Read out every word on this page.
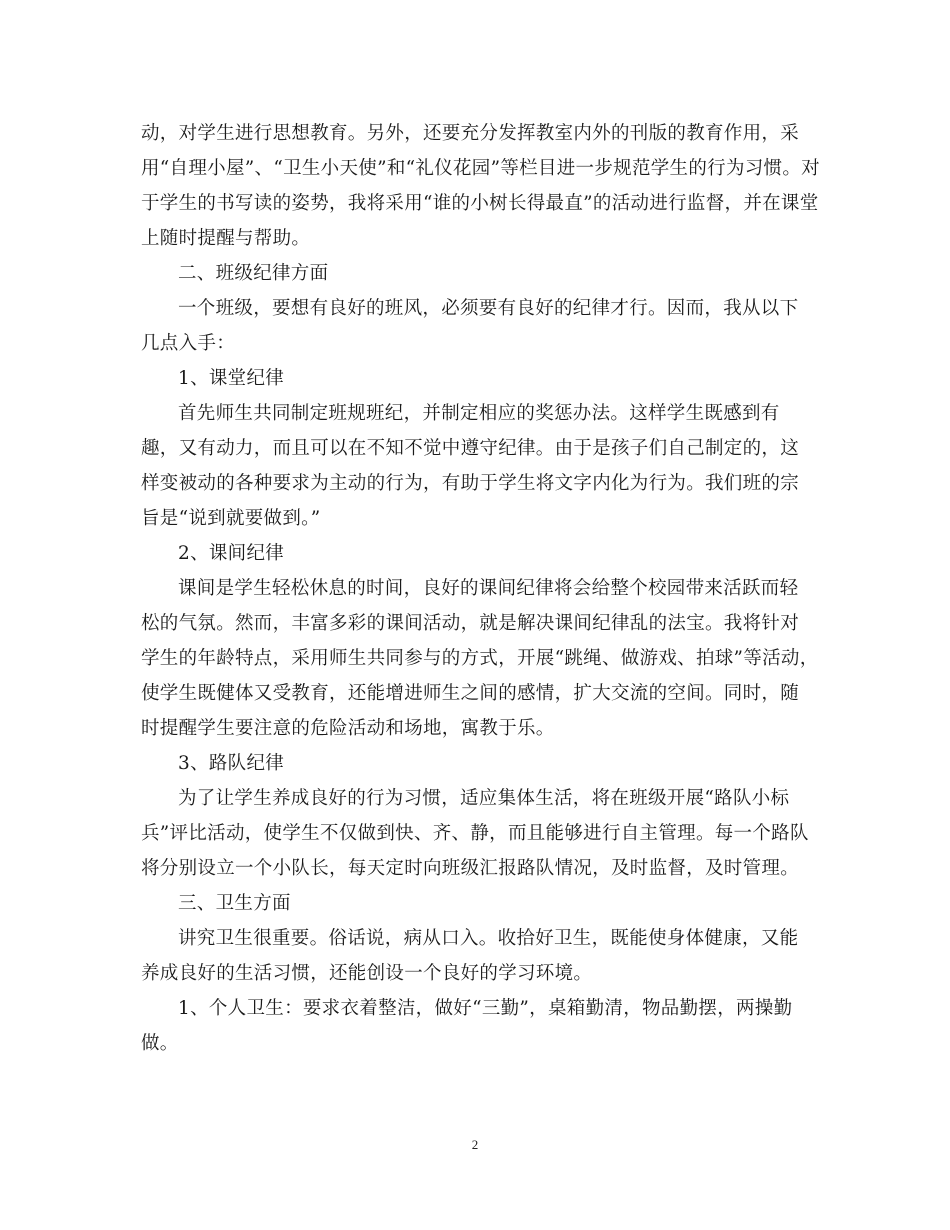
动，对学生进行思想教育。另外，还要充分发挥教室内外的刊版的教育作用，采
用“自理小屋”、“卫生小天使”和“礼仪花园”等栏目进一步规范学生的行为习惯。对
于学生的书写读的姿势，我将采用“谁的小树长得最直”的活动进行监督，并在课堂
上随时提醒与帮助。

二、班级纪律方面

一个班级，要想有良好的班风，必须要有良好的纪律才行。因而，我从以下
几点入手：

1、课堂纪律

首先师生共同制定班规班纪，并制定相应的奖惩办法。这样学生既感到有
趣，又有动力，而且可以在不知不觉中遵守纪律。由于是孩子们自己制定的，这
样变被动的各种要求为主动的行为，有助于学生将文字内化为行为。我们班的宗
旨是“说到就要做到。”

2、课间纪律

课间是学生轻松休息的时间，良好的课间纪律将会给整个校园带来活跃而轻
松的气氛。然而，丰富多彩的课间活动，就是解决课间纪律乱的法宝。我将针对
学生的年龄特点，采用师生共同参与的方式，开展“跳绳、做游戏、拍球”等活动，
使学生既健体又受教育，还能增进师生之间的感情，扩大交流的空间。同时，随
时提醒学生要注意的危险活动和场地，寓教于乐。

3、路队纪律

为了让学生养成良好的行为习惯，适应集体生活，将在班级开展“路队小标
兵”评比活动，使学生不仅做到快、齐、静，而且能够进行自主管理。每一个路队
将分别设立一个小队长，每天定时向班级汇报路队情况，及时监督，及时管理。

三、卫生方面

讲究卫生很重要。俗话说，病从口入。收拾好卫生，既能使身体健康，又能
养成良好的生活习惯，还能创设一个良好的学习环境。

1、个人卫生：要求衣着整洁，做好“三勤”，桌箱勤清，物品勤摆，两操勤
做。

2
